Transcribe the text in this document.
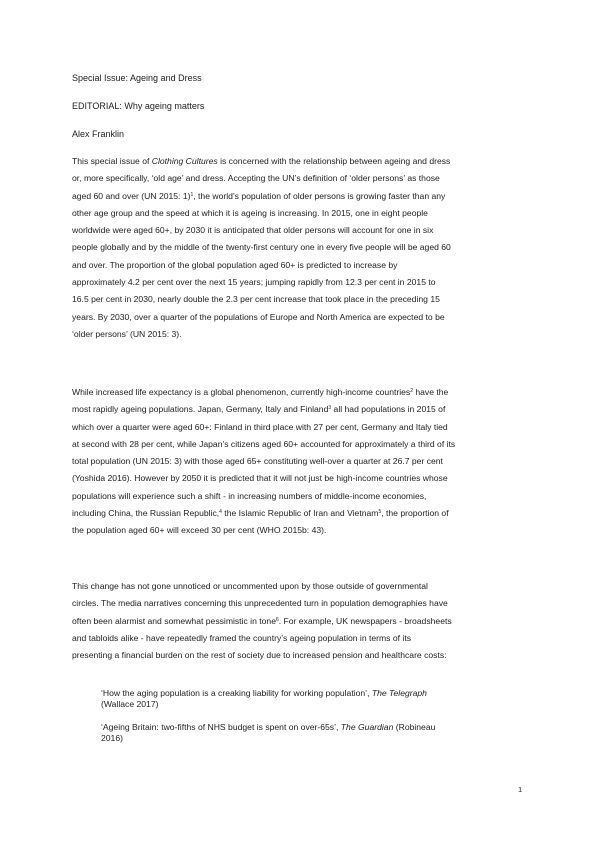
Special Issue: Ageing and Dress
EDITORIAL: Why ageing matters
Alex Franklin
This special issue of Clothing Cultures is concerned with the relationship between ageing and dress
or, more specifically, ‘old age’ and dress. Accepting the UN’s definition of ‘older persons’ as those
aged 60 and over (UN 2015: 1)$^1$, the world’s population of older persons is growing faster than any
other age group and the speed at which it is ageing is increasing. In 2015, one in eight people
worldwide were aged 60+, by 2030 it is anticipated that older persons will account for one in six
people globally and by the middle of the twenty-first century one in every five people will be aged 60
and over. The proportion of the global population aged 60+ is predicted to increase by
approximately 4.2 per cent over the next 15 years; jumping rapidly from 12.3 per cent in 2015 to
16.5 per cent in 2030, nearly double the 2.3 per cent increase that took place in the preceding 15
years. By 2030, over a quarter of the populations of Europe and North America are expected to be
‘older persons’ (UN 2015: 3).
While increased life expectancy is a global phenomenon, currently high-income countries$^2$ have the
most rapidly ageing populations. Japan, Germany, Italy and Finland$^3$ all had populations in 2015 of
which over a quarter were aged 60+: Finland in third place with 27 per cent, Germany and Italy tied
at second with 28 per cent, while Japan’s citizens aged 60+ accounted for approximately a third of its
total population (UN 2015: 3) with those aged 65+ constituting well-over a quarter at 26.7 per cent
(Yoshida 2016). However by 2050 it is predicted that it will not just be high-income countries whose
populations will experience such a shift - in increasing numbers of middle-income economies,
including China, the Russian Republic,$^4$ the Islamic Republic of Iran and Vietnam$^5$, the proportion of
the population aged 60+ will exceed 30 per cent (WHO 2015b: 43).
This change has not gone unnoticed or uncommented upon by those outside of governmental
circles. The media narratives concerning this unprecedented turn in population demographies have
often been alarmist and somewhat pessimistic in tone$^6$. For example, UK newspapers - broadsheets
and tabloids alike - have repeatedly framed the country’s ageing population in terms of its
presenting a financial burden on the rest of society due to increased pension and healthcare costs:
‘How the aging population is a creaking liability for working population’, The Telegraph
(Wallace 2017)
‘Ageing Britain: two-fifths of NHS budget is spent on over-65s’, The Guardian (Robineau
2016)
1
